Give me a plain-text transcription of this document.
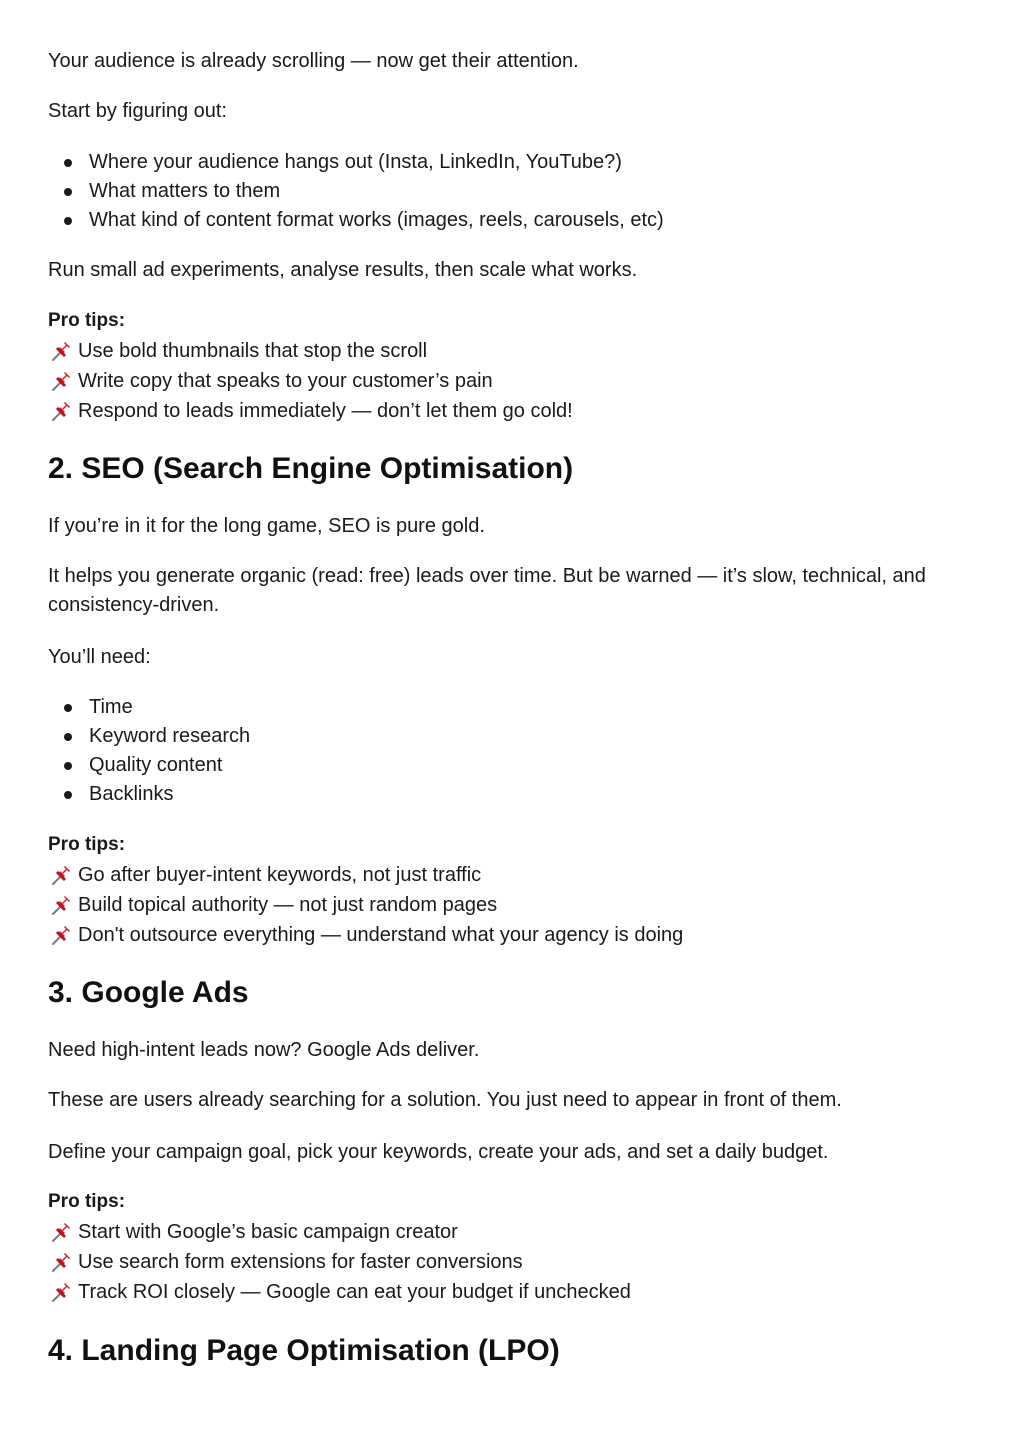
Your audience is already scrolling — now get their attention.

Start by figuring out:

Where your audience hangs out (Insta, LinkedIn, YouTube?)
What matters to them
What kind of content format works (images, reels, carousels, etc)

Run small ad experiments, analyse results, then scale what works.

Pro tips:

Use bold thumbnails that stop the scroll
Write copy that speaks to your customer’s pain
Respond to leads immediately — don’t let them go cold!
2. SEO (Search Engine Optimisation)

If you’re in it for the long game, SEO is pure gold.

It helps you generate organic (read: free) leads over time. But be warned — it’s slow, technical, and consistency-driven.

You’ll need:

Time
Keyword research
Quality content
Backlinks

Pro tips:

Go after buyer-intent keywords, not just traffic
Build topical authority — not just random pages
Don't outsource everything — understand what your agency is doing
3. Google Ads

Need high-intent leads now? Google Ads deliver.

These are users already searching for a solution. You just need to appear in front of them.

Define your campaign goal, pick your keywords, create your ads, and set a daily budget.

Pro tips:

Start with Google’s basic campaign creator
Use search form extensions for faster conversions
Track ROI closely — Google can eat your budget if unchecked
4. Landing Page Optimisation (LPO)
